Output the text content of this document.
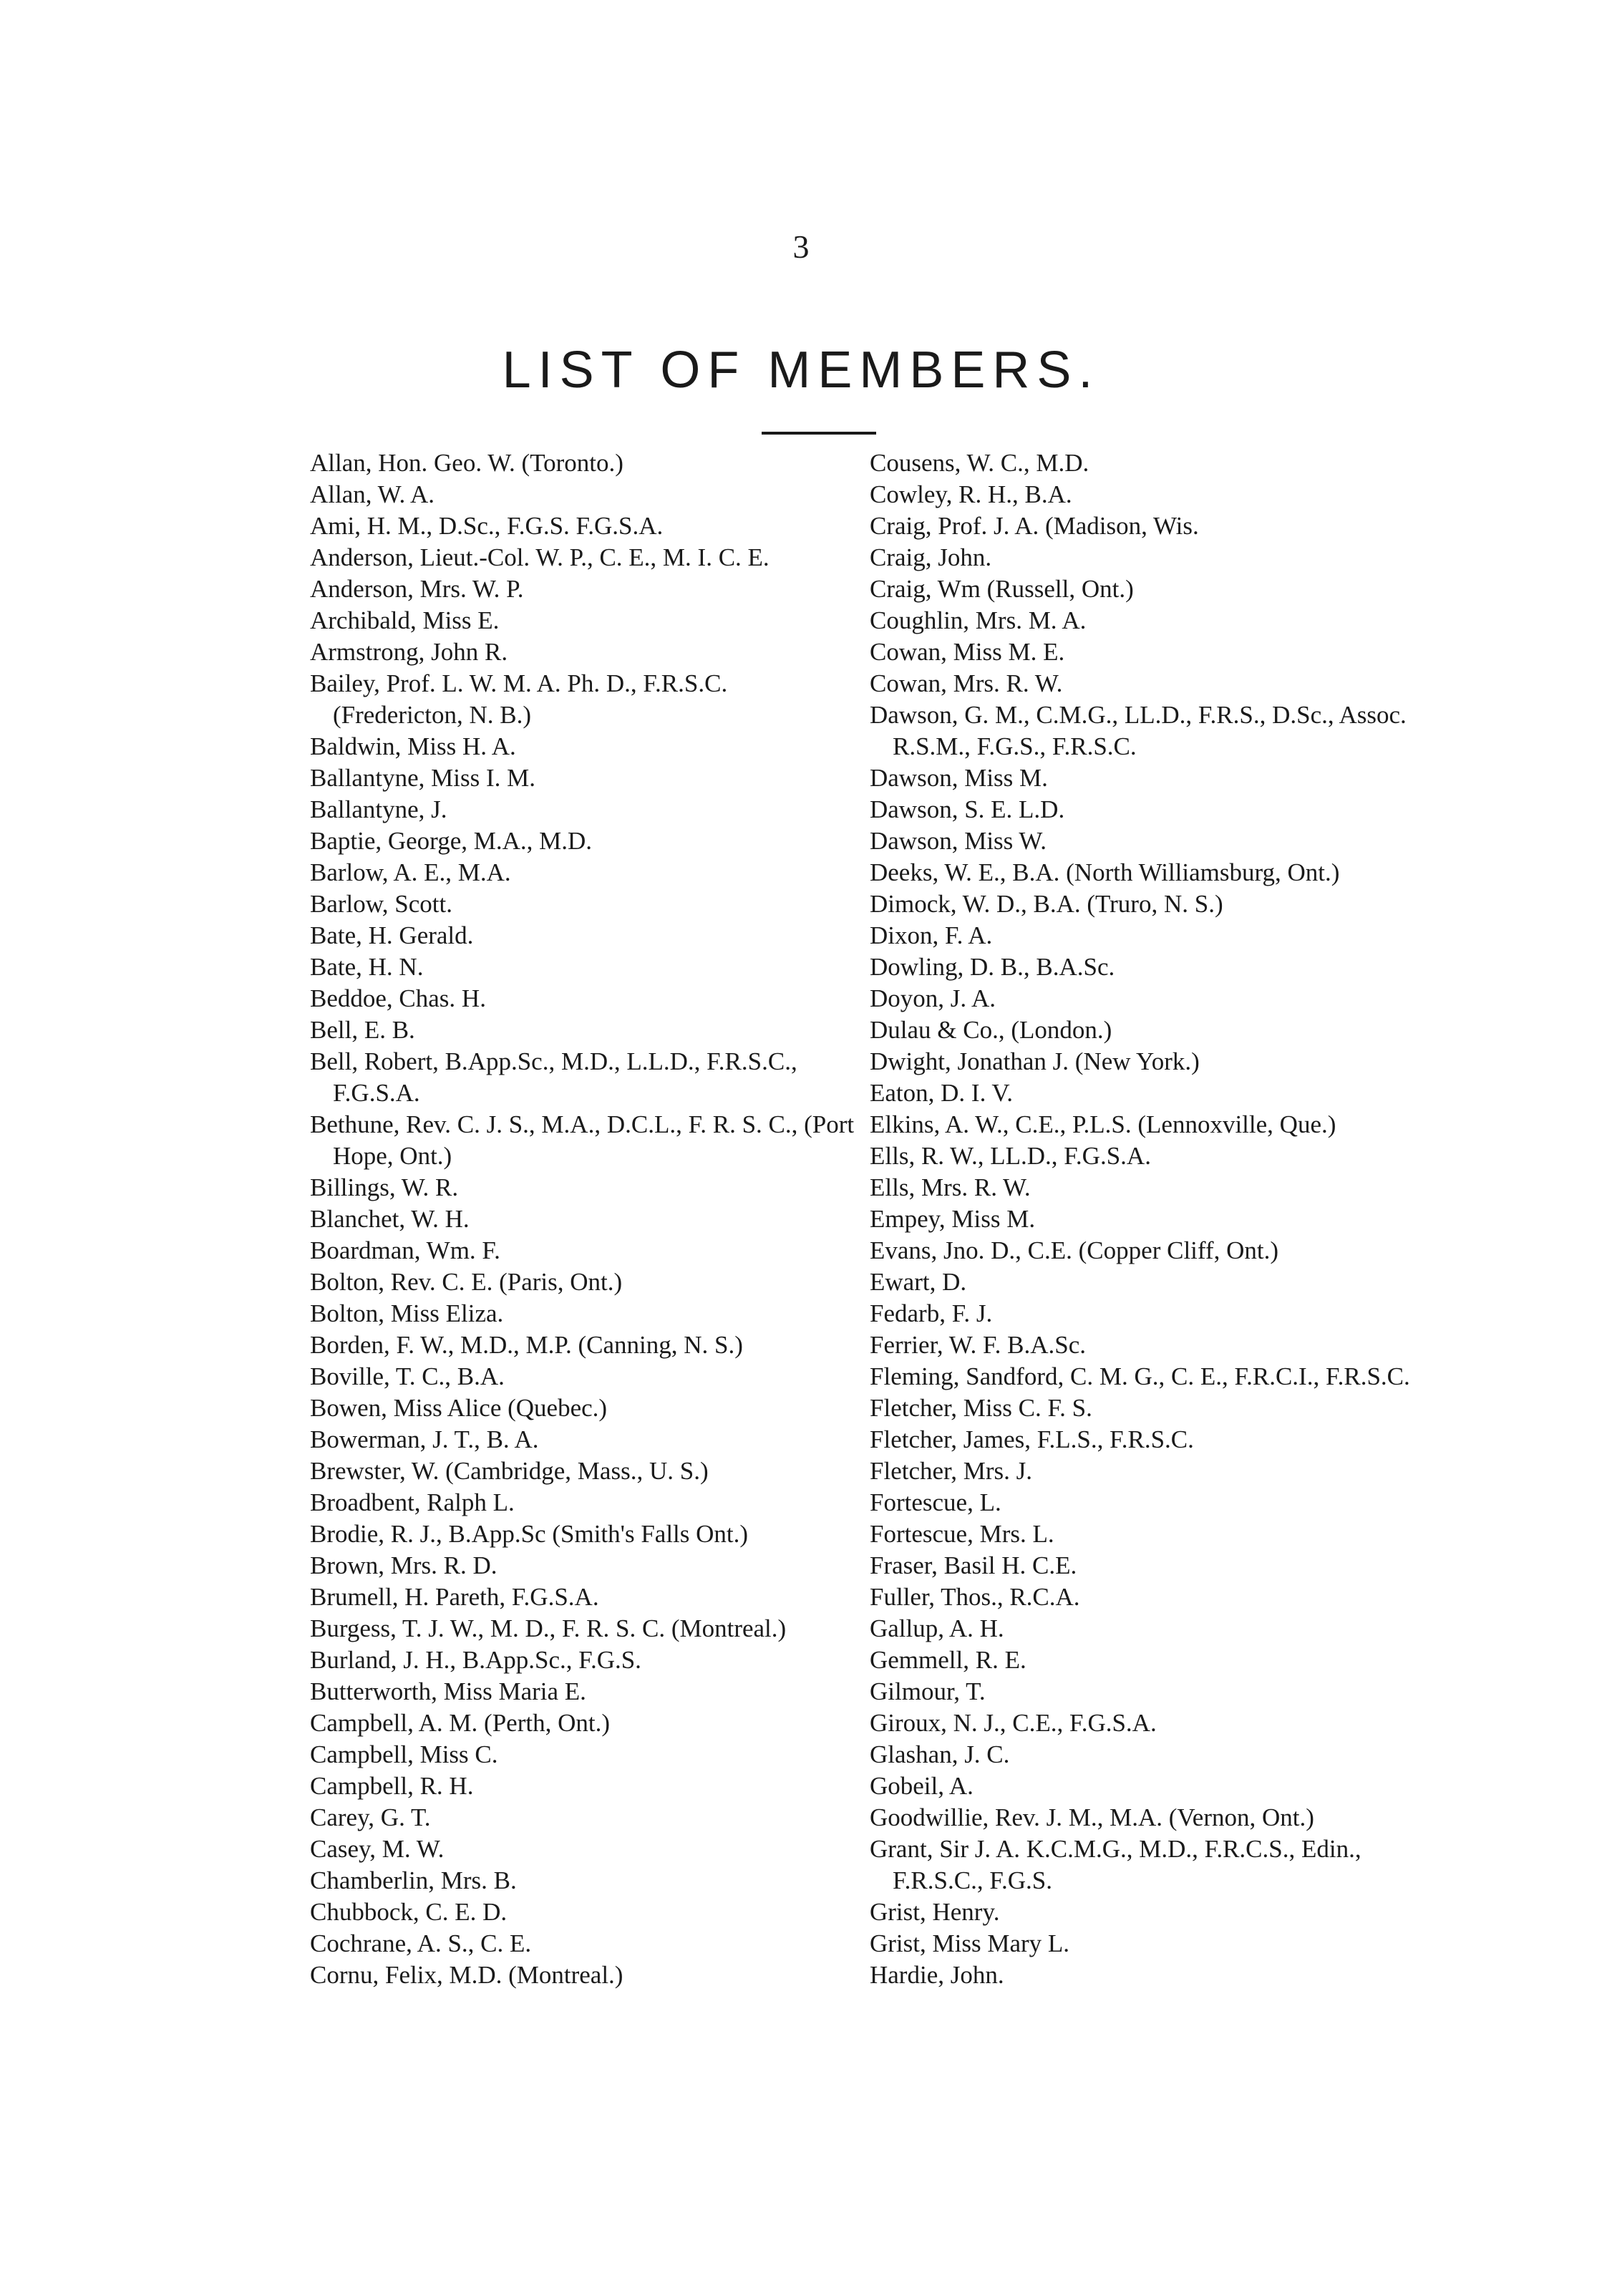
3
LIST OF MEMBERS.
Allan, Hon. Geo. W. (Toronto.)
Allan, W. A.
Ami, H. M., D.Sc., F.G.S. F.G.S.A.
Anderson, Lieut.-Col. W. P., C. E., M. I. C. E.
Anderson, Mrs. W. P.
Archibald, Miss E.
Armstrong, John R.
Bailey, Prof. L. W. M. A. Ph. D., F.R.S.C. (Fredericton, N. B.)
Baldwin, Miss H. A.
Ballantyne, Miss I. M.
Ballantyne, J.
Baptie, George, M.A., M.D.
Barlow, A. E., M.A.
Barlow, Scott.
Bate, H. Gerald.
Bate, H. N.
Beddoe, Chas. H.
Bell, E. B.
Bell, Robert, B.App.Sc., M.D., L.L.D., F.R.S.C., F.G.S.A.
Bethune, Rev. C. J. S., M.A., D.C.L., F. R. S. C., (Port Hope, Ont.)
Billings, W. R.
Blanchet, W. H.
Boardman, Wm. F.
Bolton, Rev. C. E. (Paris, Ont.)
Bolton, Miss Eliza.
Borden, F. W., M.D., M.P. (Canning, N. S.)
Boville, T. C., B.A.
Bowen, Miss Alice (Quebec.)
Bowerman, J. T., B. A.
Brewster, W. (Cambridge, Mass., U. S.)
Broadbent, Ralph L.
Brodie, R. J., B.App.Sc (Smith's Falls Ont.)
Brown, Mrs. R. D.
Brumell, H. Pareth, F.G.S.A.
Burgess, T. J. W., M. D., F. R. S. C. (Montreal.)
Burland, J. H., B.App.Sc., F.G.S.
Butterworth, Miss Maria E.
Campbell, A. M. (Perth, Ont.)
Campbell, Miss C.
Campbell, R. H.
Carey, G. T.
Casey, M. W.
Chamberlin, Mrs. B.
Chubbock, C. E. D.
Cochrane, A. S., C. E.
Cornu, Felix, M.D. (Montreal.)
Cousens, W. C., M.D.
Cowley, R. H., B.A.
Craig, Prof. J. A. (Madison, Wis.
Craig, John.
Craig, Wm (Russell, Ont.)
Coughlin, Mrs. M. A.
Cowan, Miss M. E.
Cowan, Mrs. R. W.
Dawson, G. M., C.M.G., LL.D., F.R.S., D.Sc., Assoc. R.S.M., F.G.S., F.R.S.C.
Dawson, Miss M.
Dawson, S. E. L.D.
Dawson, Miss W.
Deeks, W. E., B.A. (North Williamsburg, Ont.)
Dimock, W. D., B.A. (Truro, N. S.)
Dixon, F. A.
Dowling, D. B., B.A.Sc.
Doyon, J. A.
Dulau & Co., (London.)
Dwight, Jonathan J. (New York.)
Eaton, D. I. V.
Elkins, A. W., C.E., P.L.S. (Lennoxville, Que.)
Ells, R. W., LL.D., F.G.S.A.
Ells, Mrs. R. W.
Empey, Miss M.
Evans, Jno. D., C.E. (Copper Cliff, Ont.)
Ewart, D.
Fedarb, F. J.
Ferrier, W. F. B.A.Sc.
Fleming, Sandford, C. M. G., C. E., F.R.C.I., F.R.S.C.
Fletcher, Miss C. F. S.
Fletcher, James, F.L.S., F.R.S.C.
Fletcher, Mrs. J.
Fortescue, L.
Fortescue, Mrs. L.
Fraser, Basil H. C.E.
Fuller, Thos., R.C.A.
Gallup, A. H.
Gemmell, R. E.
Gilmour, T.
Giroux, N. J., C.E., F.G.S.A.
Glashan, J. C.
Gobeil, A.
Goodwillie, Rev. J. M., M.A. (Vernon, Ont.)
Grant, Sir J. A. K.C.M.G., M.D., F.R.C.S., Edin., F.R.S.C., F.G.S.
Grist, Henry.
Grist, Miss Mary L.
Hardie, John.
